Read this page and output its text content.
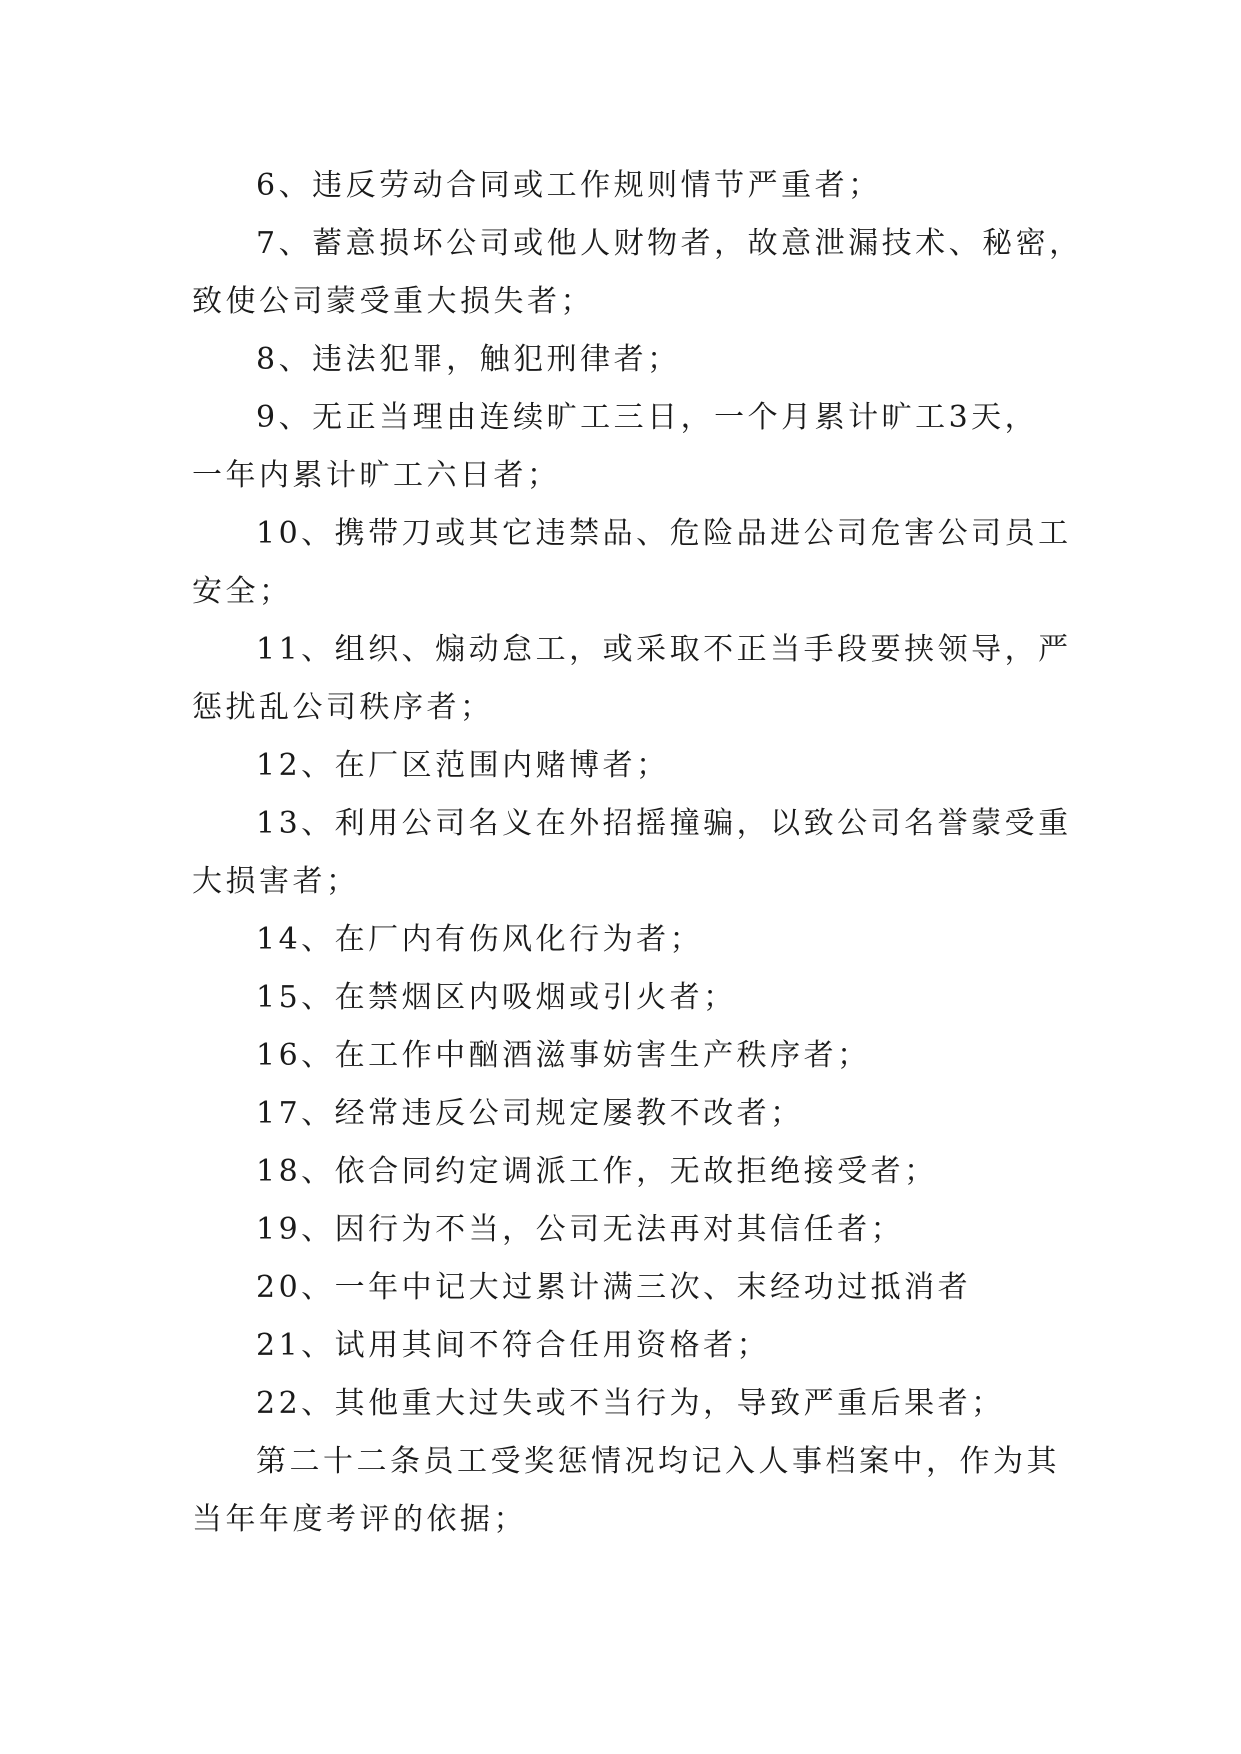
6、违反劳动合同或工作规则情节严重者；
7、蓄意损坏公司或他人财物者，故意泄漏技术、秘密，
致使公司蒙受重大损失者；
8、违法犯罪，触犯刑律者；
9、无正当理由连续旷工三日，一个月累计旷工3天，
一年内累计旷工六日者；
10、携带刀或其它违禁品、危险品进公司危害公司员工
安全；
11、组织、煽动怠工，或采取不正当手段要挟领导，严
惩扰乱公司秩序者；
12、在厂区范围内赌博者；
13、利用公司名义在外招摇撞骗，以致公司名誉蒙受重
大损害者；
14、在厂内有伤风化行为者；
15、在禁烟区内吸烟或引火者；
16、在工作中酗酒滋事妨害生产秩序者；
17、经常违反公司规定屡教不改者；
18、依合同约定调派工作，无故拒绝接受者；
19、因行为不当，公司无法再对其信任者；
20、一年中记大过累计满三次、末经功过抵消者
21、试用其间不符合任用资格者；
22、其他重大过失或不当行为，导致严重后果者；
第二十二条员工受奖惩情况均记入人事档案中，作为其
当年年度考评的依据；
